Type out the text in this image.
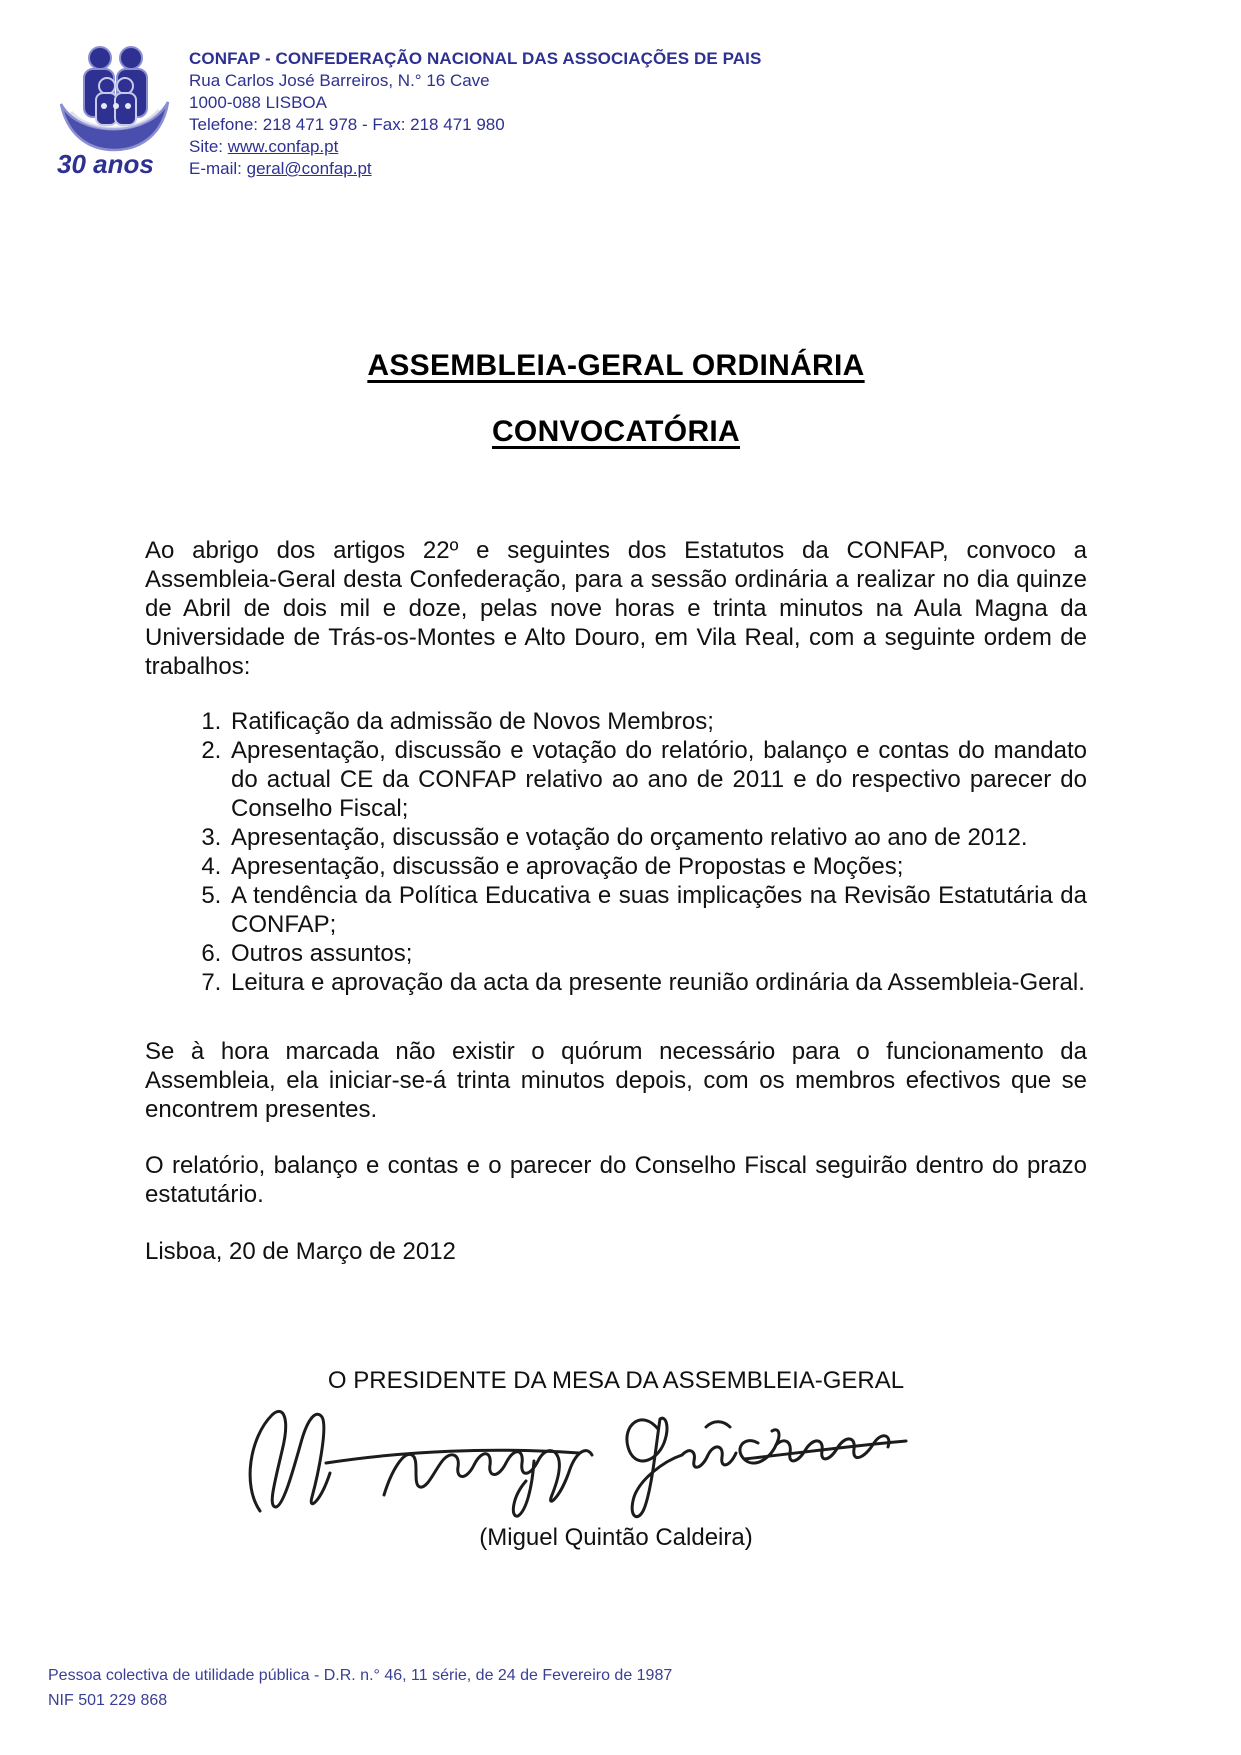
30 anos
CONFAP - CONFEDERAÇÃO NACIONAL DAS ASSOCIAÇÕES DE PAIS
Rua Carlos José Barreiros, N.° 16 Cave
1000-088 LISBOA
Telefone: 218 471 978 - Fax: 218 471 980
Site: www.confap.pt
E-mail: geral@confap.pt
ASSEMBLEIA-GERAL ORDINÁRIA
CONVOCATÓRIA

Ao abrigo dos artigos 22º e seguintes dos Estatutos da CONFAP, convoco a Assembleia-Geral desta Confederação, para a sessão ordinária a realizar no dia quinze de Abril de dois mil e doze, pelas nove horas e trinta minutos na Aula Magna da Universidade de Trás-os-Montes e Alto Douro, em Vila Real, com a seguinte ordem de trabalhos:

1. Ratificação da admissão de Novos Membros;
2. Apresentação, discussão e votação do relatório, balanço e contas do mandato do actual CE da CONFAP relativo ao ano de 2011 e do respectivo parecer do Conselho Fiscal;
3. Apresentação, discussão e votação do orçamento relativo ao ano de 2012.
4. Apresentação, discussão e aprovação de Propostas e Moções;
5. A tendência da Política Educativa e suas implicações na Revisão Estatutária da CONFAP;
6. Outros assuntos;
7. Leitura e aprovação da acta da presente reunião ordinária da Assembleia-Geral.

Se à hora marcada não existir o quórum necessário para o funcionamento da Assembleia, ela iniciar-se-á trinta minutos depois, com os membros efectivos que se encontrem presentes.

O relatório, balanço e contas e o parecer do Conselho Fiscal seguirão dentro do prazo estatutário.

Lisboa, 20 de Março de 2012

O PRESIDENTE DA MESA DA ASSEMBLEIA-GERAL
(Miguel Quintão Caldeira)
Pessoa colectiva de utilidade pública - D.R. n.° 46, 11 série, de 24 de Fevereiro de 1987
NIF 501 229 868
